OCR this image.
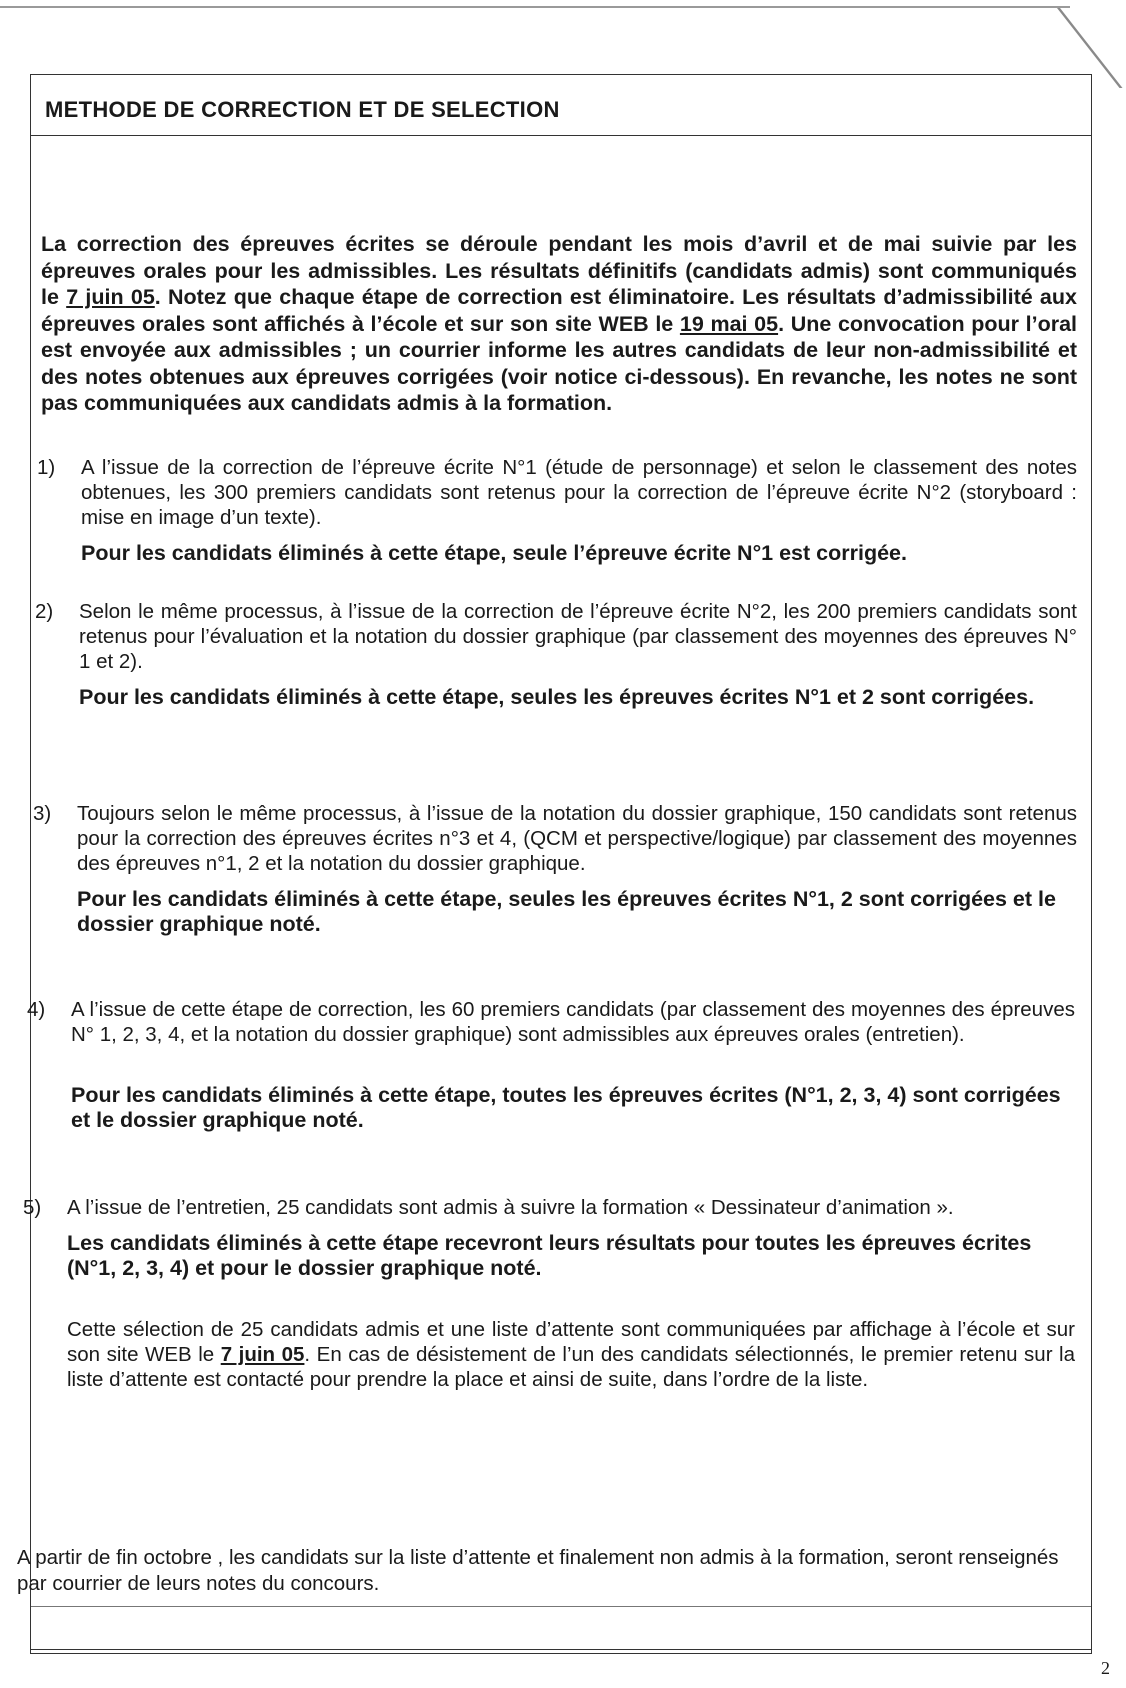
METHODE DE CORRECTION ET DE SELECTION
La correction des épreuves écrites se déroule pendant les mois d’avril et de mai suivie par les épreuves orales pour les admissibles. Les résultats définitifs (candidats admis) sont communiqués le 7 juin 05. Notez que chaque étape de correction est éliminatoire. Les résultats d’admissibilité aux épreuves orales sont affichés à l’école et sur son site WEB le 19 mai 05. Une convocation pour l’oral est envoyée aux admissibles ; un courrier informe les autres candidats de leur non-admissibilité et des notes obtenues aux épreuves corrigées (voir notice ci-dessous). En revanche, les notes ne sont pas communiquées aux candidats admis à la formation.
1) A l’issue de la correction de l’épreuve écrite N°1 (étude de personnage) et selon le classement des notes obtenues, les 300 premiers candidats sont retenus pour la correction de l’épreuve écrite N°2 (storyboard : mise en image d’un texte).
Pour les candidats éliminés à cette étape, seule l’épreuve écrite N°1 est corrigée.
2) Selon le même processus, à l’issue de la correction de l’épreuve écrite N°2, les 200 premiers candidats sont retenus pour l’évaluation et la notation du dossier graphique (par classement des moyennes des épreuves N° 1 et 2).
Pour les candidats éliminés à cette étape, seules les épreuves écrites N°1 et 2 sont corrigées.
3) Toujours selon le même processus, à l’issue de la notation du dossier graphique, 150 candidats sont retenus pour la correction des épreuves écrites n°3 et 4, (QCM et perspective/logique) par classement des moyennes des épreuves n°1, 2 et la notation du dossier graphique.
Pour les candidats éliminés à cette étape, seules les épreuves écrites N°1, 2 sont corrigées et le dossier graphique noté.
4) A l’issue de cette étape de correction, les 60 premiers candidats (par classement des moyennes des épreuves N° 1, 2, 3, 4, et la notation du dossier graphique) sont admissibles aux épreuves orales (entretien).
Pour les candidats éliminés à cette étape, toutes les épreuves écrites (N°1, 2, 3, 4) sont corrigées et le dossier graphique noté.
5) A l’issue de l’entretien, 25 candidats sont admis à suivre la formation « Dessinateur d’animation ».
Les candidats éliminés à cette étape recevront leurs résultats pour toutes les épreuves écrites (N°1, 2, 3, 4) et pour le dossier graphique noté.
Cette sélection de 25 candidats admis et une liste d’attente sont communiquées par affichage à l’école et sur son site WEB le 7 juin 05. En cas de désistement de l’un des candidats sélectionnés, le premier retenu sur la liste d’attente est contacté pour prendre la place et ainsi de suite, dans l’ordre de la liste.
A partir de fin octobre , les candidats sur la liste d’attente et finalement non admis à la formation, seront renseignés par courrier de leurs notes du concours.
2
